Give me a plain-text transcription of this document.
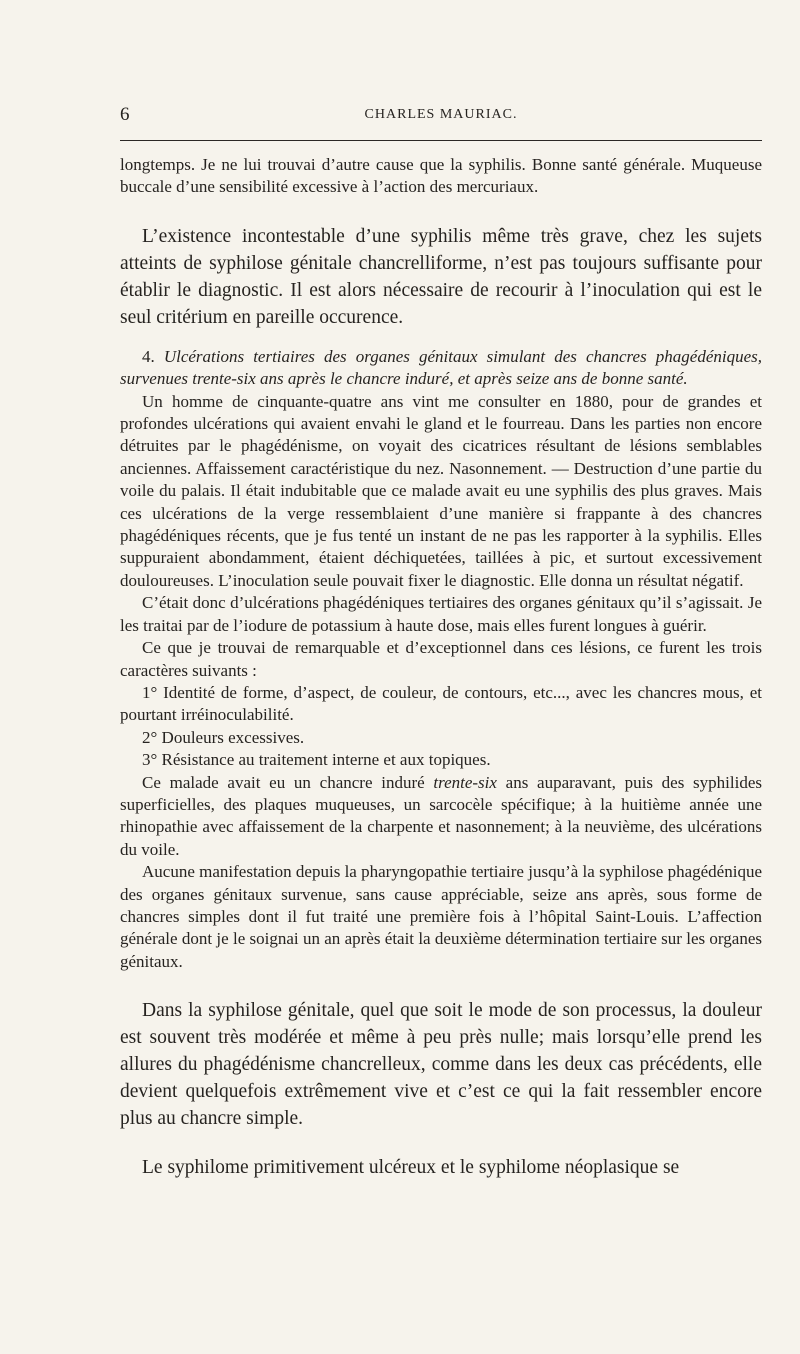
6	CHARLES MAURIAC.

longtemps. Je ne lui trouvai d’autre cause que la syphilis. Bonne santé générale. Muqueuse buccale d’une sensibilité excessive à l’action des mercuriaux.

L’existence incontestable d’une syphilis même très grave, chez les sujets atteints de syphilose génitale chancrelliforme, n’est pas toujours suffisante pour établir le diagnostic. Il est alors nécessaire de recourir à l’inoculation qui est le seul critérium en pareille occurence.

4. Ulcérations tertiaires des organes génitaux simulant des chancres phagédéniques, survenues trente-six ans après le chancre induré, et après seize ans de bonne santé.

Un homme de cinquante-quatre ans vint me consulter en 1880, pour de grandes et profondes ulcérations qui avaient envahi le gland et le fourreau. Dans les parties non encore détruites par le phagédénisme, on voyait des cicatrices résultant de lésions semblables anciennes. Affaissement caractéristique du nez. Nasonnement. — Destruction d’une partie du voile du palais. Il était indubitable que ce malade avait eu une syphilis des plus graves. Mais ces ulcérations de la verge ressemblaient d’une manière si frappante à des chancres phagédéniques récents, que je fus tenté un instant de ne pas les rapporter à la syphilis. Elles suppuraient abondamment, étaient déchiquetées, taillées à pic, et surtout excessivement douloureuses. L’inoculation seule pouvait fixer le diagnostic. Elle donna un résultat négatif.

C’était donc d’ulcérations phagédéniques tertiaires des organes génitaux qu’il s’agissait. Je les traitai par de l’iodure de potassium à haute dose, mais elles furent longues à guérir.

Ce que je trouvai de remarquable et d’exceptionnel dans ces lésions, ce furent les trois caractères suivants :

1° Identité de forme, d’aspect, de couleur, de contours, etc..., avec les chancres mous, et pourtant irréinoculabilité.

2° Douleurs excessives.

3° Résistance au traitement interne et aux topiques.

Ce malade avait eu un chancre induré trente-six ans auparavant, puis des syphilides superficielles, des plaques muqueuses, un sarcocèle spécifique; à la huitième année une rhinopathie avec affaissement de la charpente et nasonnement; à la neuvième, des ulcérations du voile.

Aucune manifestation depuis la pharyngopathie tertiaire jusqu’à la syphilose phagédénique des organes génitaux survenue, sans cause appréciable, seize ans après, sous forme de chancres simples dont il fut traité une première fois à l’hôpital Saint-Louis. L’affection générale dont je le soignai un an après était la deuxième détermination tertiaire sur les organes génitaux.

Dans la syphilose génitale, quel que soit le mode de son processus, la douleur est souvent très modérée et même à peu près nulle; mais lorsqu’elle prend les allures du phagédénisme chancrelleux, comme dans les deux cas précédents, elle devient quelquefois extrêmement vive et c’est ce qui la fait ressembler encore plus au chancre simple.

Le syphilome primitivement ulcéreux et le syphilome néoplasique se
